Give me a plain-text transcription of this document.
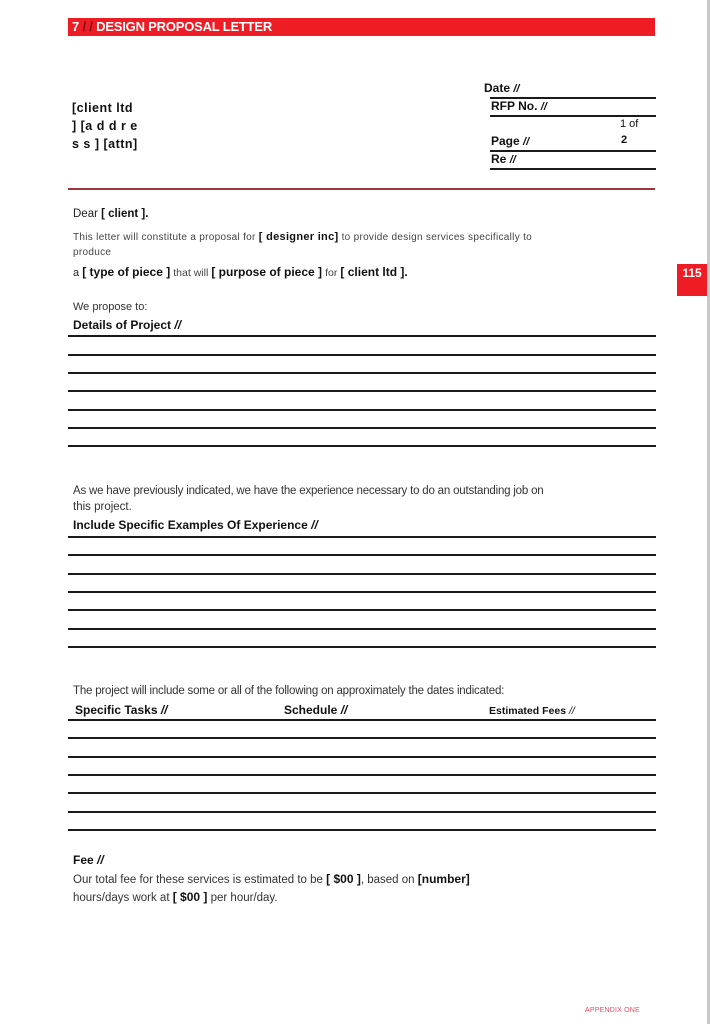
7 / / DESIGN PROPOSAL LETTER
[client ltd
] [a d d r e
s s ] [attn]
Date //
RFP No. //
1 of
Page //	2
Re //
Dear [ client ].
This letter will constitute a proposal for [ designer inc] to provide design services specifically to
produce
a [ type of piece ] that will [ purpose of piece ] for [ client ltd ].
We propose to:
Details of Project //
As we have previously indicated, we have the experience necessary to do an outstanding job on
this project.
Include Specific Examples Of Experience //
The project will include some or all of the following on approximately the dates indicated:
Specific Tasks //	Schedule //	Estimated Fees //
Fee //
Our total fee for these services is estimated to be [ $00 ], based on [number]
hours/days work at [ $00 ] per hour/day.
115
APPENDIX ONE
